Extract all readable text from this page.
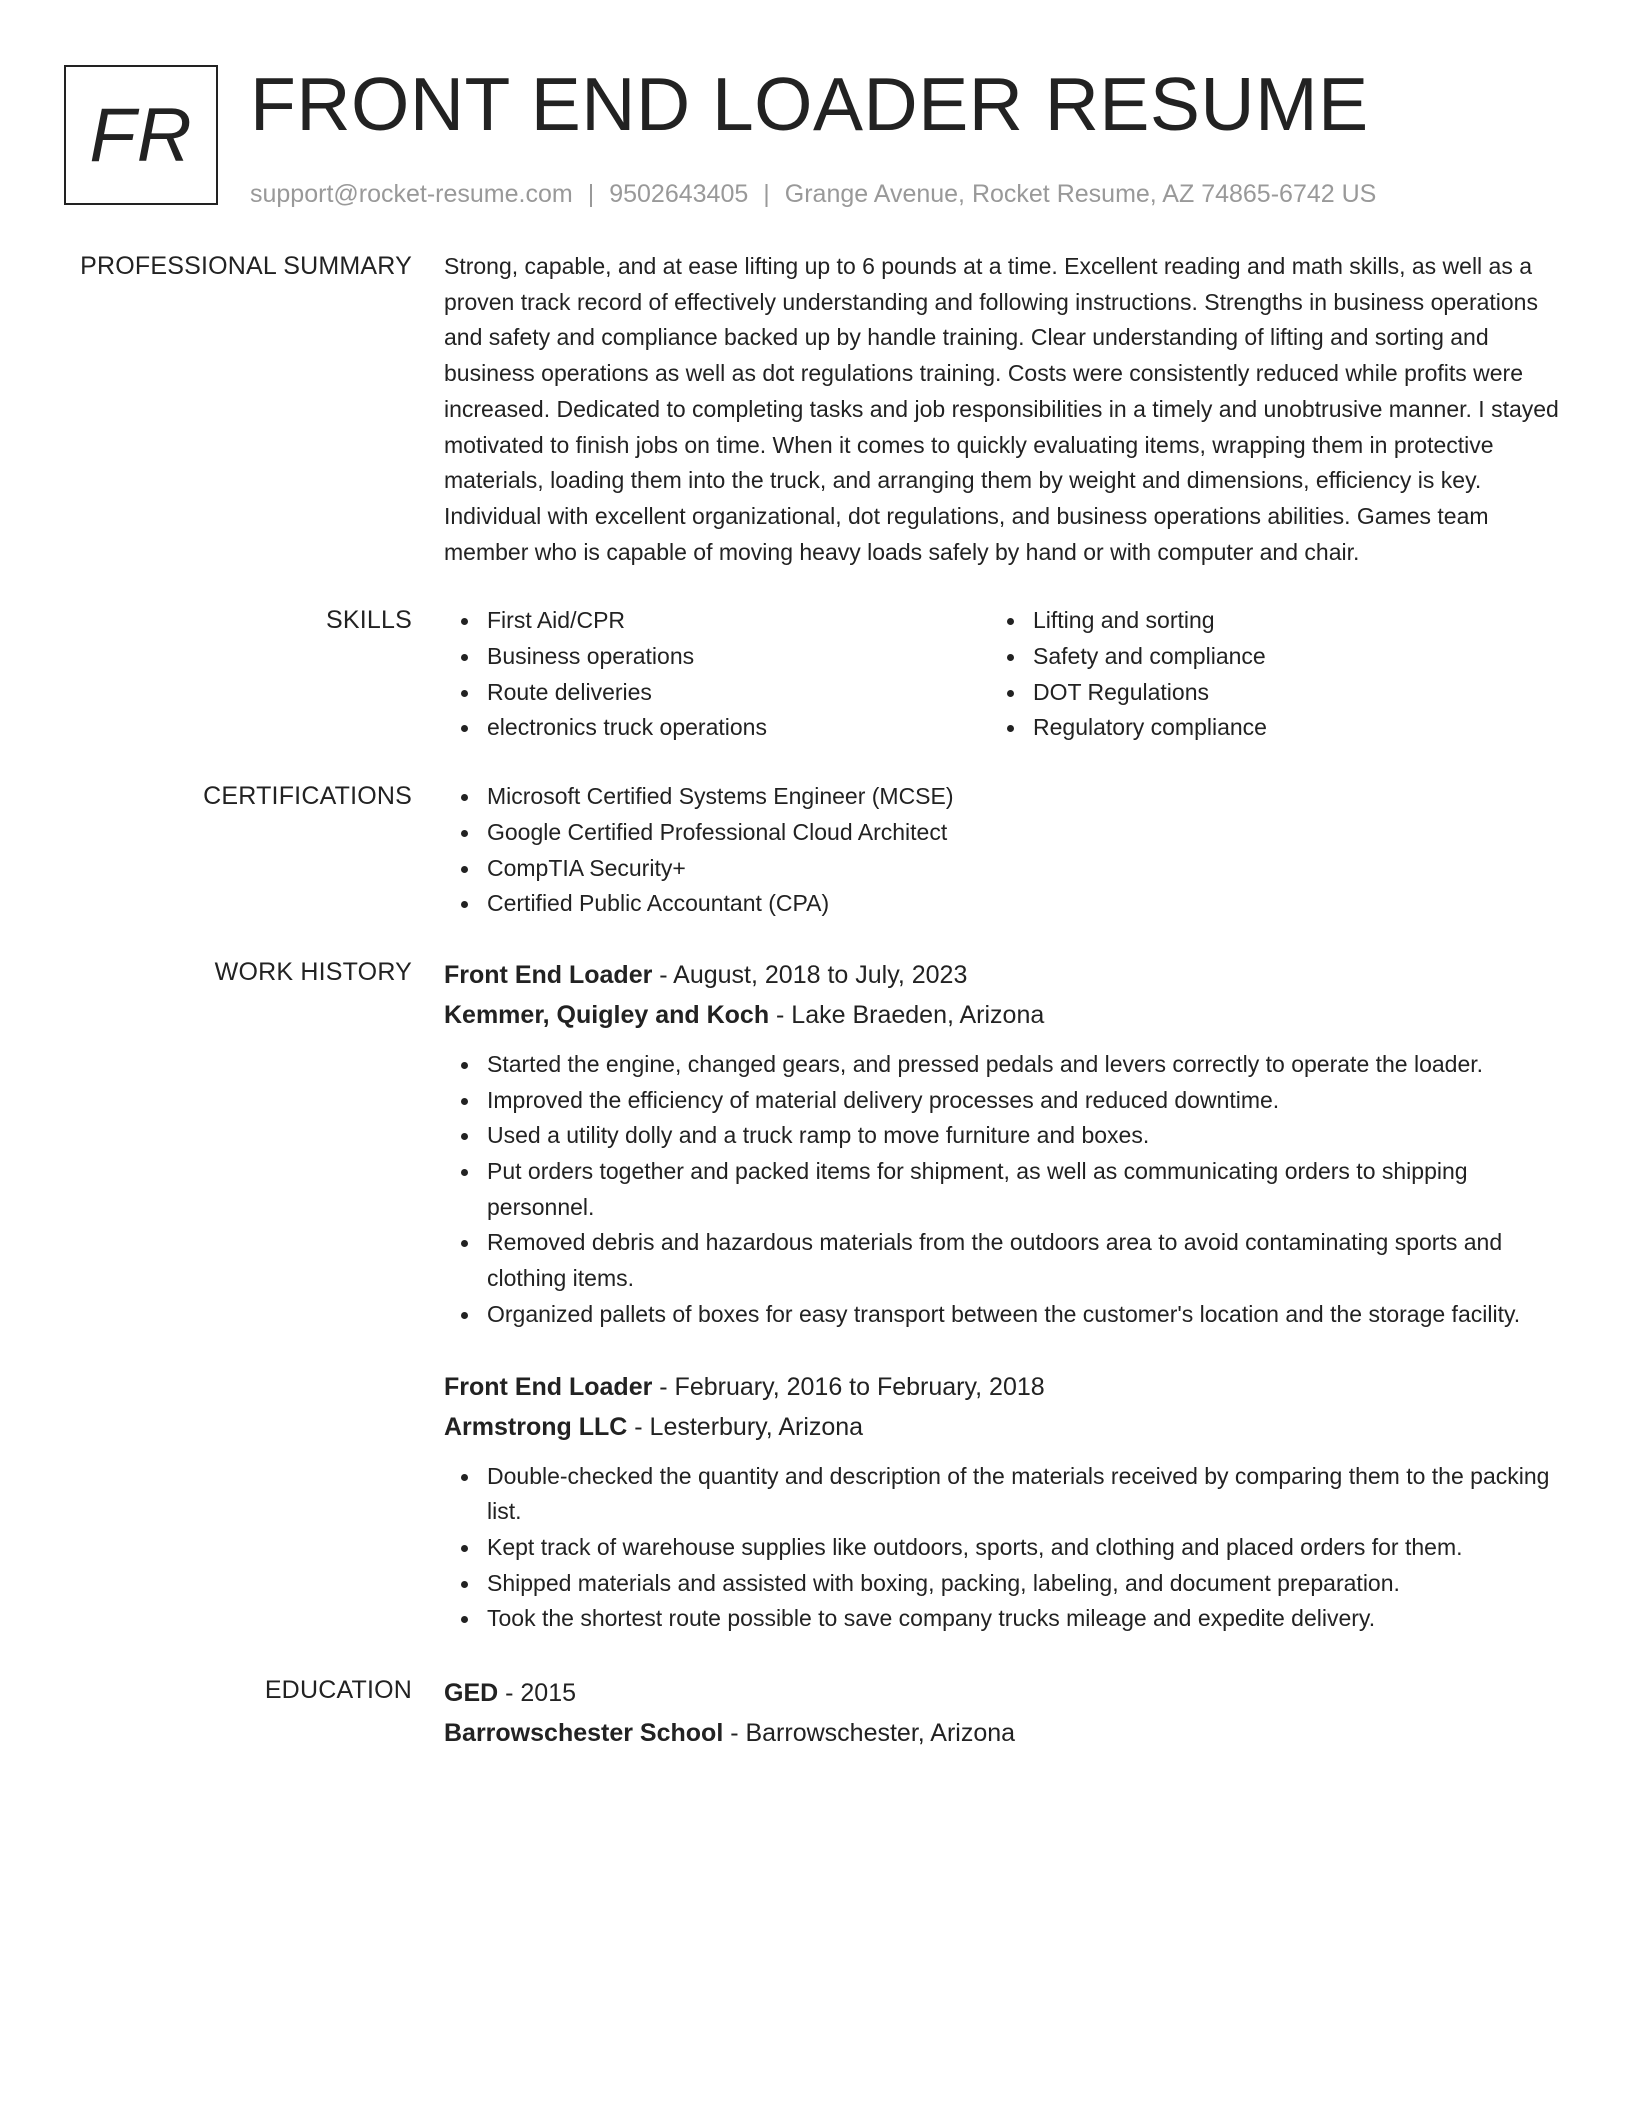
FR FRONT END LOADER RESUME
support@rocket-resume.com | 9502643405 | Grange Avenue, Rocket Resume, AZ 74865-6742 US
PROFESSIONAL SUMMARY Strong, capable, and at ease lifting up to 6 pounds at a time. Excellent reading and math skills, as well as a proven track record of effectively understanding and following instructions. Strengths in business operations and safety and compliance backed up by handle training. Clear understanding of lifting and sorting and business operations as well as dot regulations training. Costs were consistently reduced while profits were increased. Dedicated to completing tasks and job responsibilities in a timely and unobtrusive manner. I stayed motivated to finish jobs on time. When it comes to quickly evaluating items, wrapping them in protective materials, loading them into the truck, and arranging them by weight and dimensions, efficiency is key. Individual with excellent organizational, dot regulations, and business operations abilities. Games team member who is capable of moving heavy loads safely by hand or with computer and chair.

SKILLS	First Aid/CPR
Business operations
Route deliveries
electronics truck operations
Lifting and sorting
Safety and compliance
DOT Regulations
Regulatory compliance
CERTIFICATIONS	Microsoft Certified Systems Engineer (MCSE)
Google Certified Professional Cloud Architect
CompTIA Security+
Certified Public Accountant (CPA)
WORK HISTORY Front End Loader - August, 2018 to July, 2023
Kemmer, Quigley and Koch - Lake Braeden, Arizona
Started the engine, changed gears, and pressed pedals and levers correctly to operate the loader.
Improved the efficiency of material delivery processes and reduced downtime.
Used a utility dolly and a truck ramp to move furniture and boxes.
Put orders together and packed items for shipment, as well as communicating orders to shipping personnel.
Removed debris and hazardous materials from the outdoors area to avoid contaminating sports and clothing items.
Organized pallets of boxes for easy transport between the customer's location and the storage facility.
Front End Loader - February, 2016 to February, 2018
Armstrong LLC - Lesterbury, Arizona
Double-checked the quantity and description of the materials received by comparing them to the packing list.
Kept track of warehouse supplies like outdoors, sports, and clothing and placed orders for them.
Shipped materials and assisted with boxing, packing, labeling, and document preparation.
Took the shortest route possible to save company trucks mileage and expedite delivery.
EDUCATION GED - 2015
Barrowschester School - Barrowschester, Arizona
